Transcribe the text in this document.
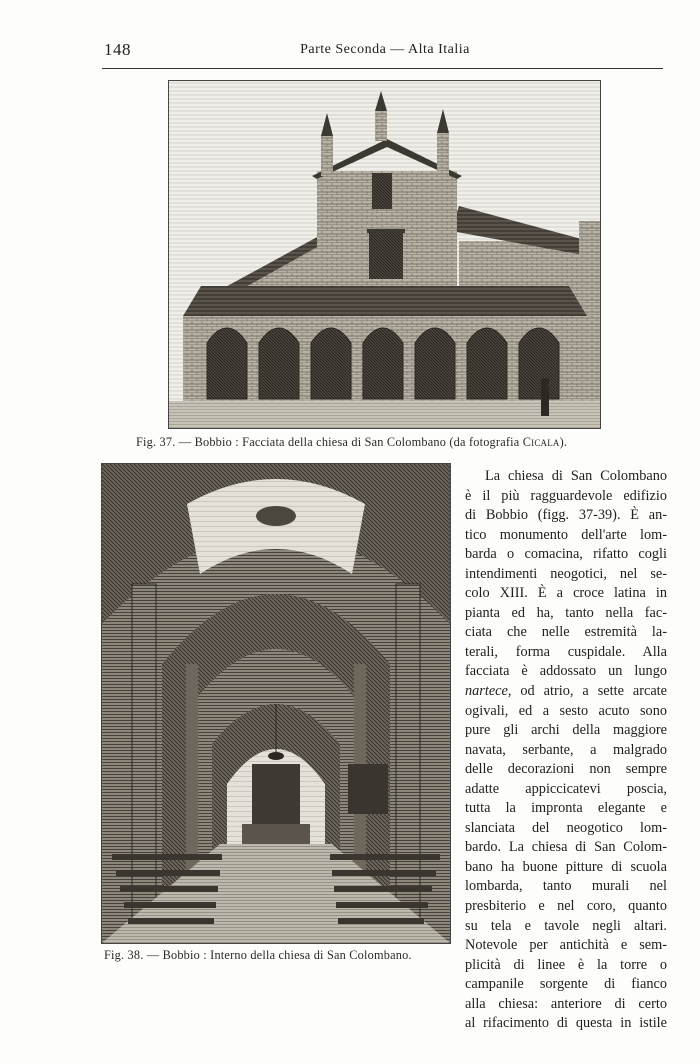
148	Parte Seconda — Alta Italia
Fig. 37. — Bobbio : Facciata della chiesa di San Colombano (da fotografia Cicala).
Fig. 38. — Bobbio : Interno della chiesa di San Colombano.
La chiesa di San Colombano
è il più ragguardevole edifizio
di Bobbio (figg. 37-39). È an-
tico monumento dell'arte lom-
barda o comacina, rifatto cogli
intendimenti neogotici, nel se-
colo XIII. È a croce latina in
pianta ed ha, tanto nella fac-
ciata che nelle estremità la-
terali, forma cuspidale. Alla
facciata è addossato un lungo
nartece, od atrio, a sette arcate
ogivali, ed a sesto acuto sono
pure gli archi della maggiore
navata, serbante, a malgrado
delle decorazioni non sempre
adatte appiccicatevi poscia,
tutta la impronta elegante e
slanciata del neogotico lom-
bardo. La chiesa di San Colom-
bano ha buone pitture di scuola
lombarda, tanto murali nel
presbiterio e nel coro, quanto
su tela e tavole negli altari.
Notevole per antichità e sem-
plicità di linee è la torre o
campanile sorgente di fianco
alla chiesa: anteriore di certo
al rifacimento di questa in istile
